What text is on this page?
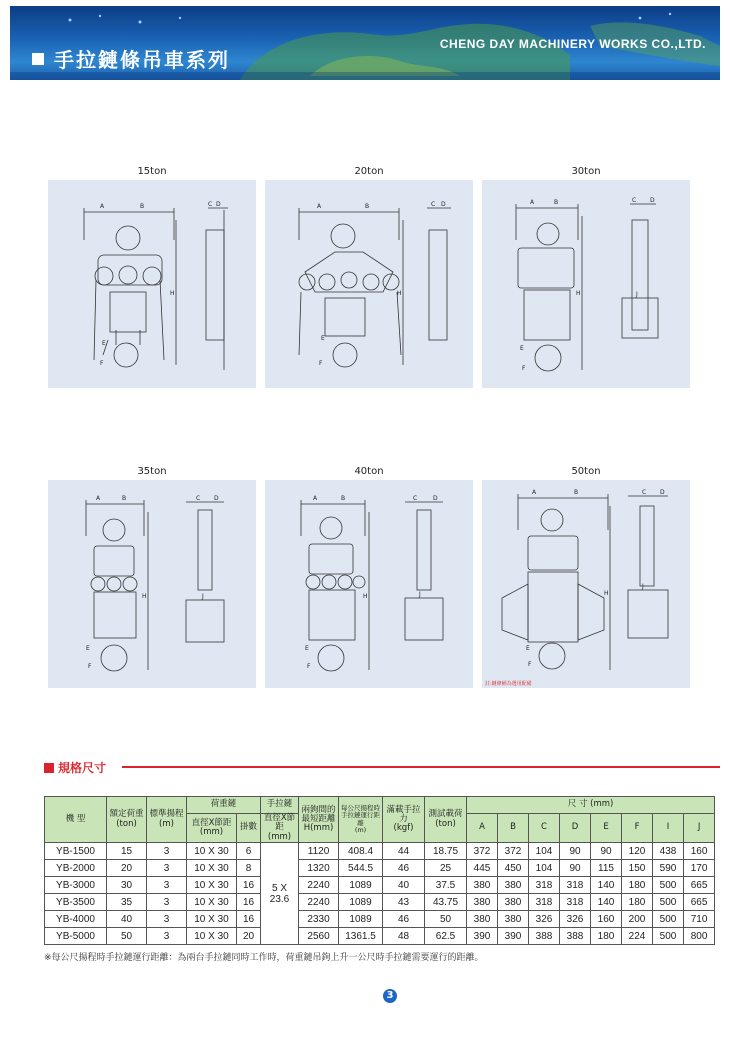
手拉鏈條吊車系列
CHENG DAY MACHINERY WORKS CO.,LTD.
15ton
A	B	C D
H
E
F
20ton
A	B	C D
H
E
F
30ton
A	B	C D
H
E
F
J
35ton
A	B	C D
H
E
F
J
40ton
A	B	C	D
H
E
F
J
50ton
A	B	C D
H
E
F
J
註:鏈條桶為選用配備
規格尺寸
機 型	額定荷重
(ton)	標準揚程
(m)	荷重鏈		手拉鏈	兩鉤間的最短距離
H(mm)	每公尺揚程時手拉鏈運行距離
(m)	滿載手拉力
(kgf)	測試載荷
(ton)	尺 寸 (mm)							
			直徑X節距
(mm)	掛數	直徑X節距
(mm)					A	B	C	D	E	F	I	J
YB-1500	15	3	10 X 30	6	5 X 23.6	1120	408.4	44	18.75	372	372	104	90	90	120	438	160
YB-2000	20	3	10 X 30	8		1320	544.5	46	25	445	450	104	90	115	150	590	170
YB-3000	30	3	10 X 30	16		2240	1089	40	37.5	380	380	318	318	140	180	500	665
YB-3500	35	3	10 X 30	16		2240	1089	43	43.75	380	380	318	318	140	180	500	665
YB-4000	40	3	10 X 30	16		2330	1089	46	50	380	380	326	326	160	200	500	710
YB-5000	50	3	10 X 30	20		2560	1361.5	48	62.5	390	390	388	388	180	224	500	800
※每公尺揚程時手拉鏈運行距離：為兩台手拉鏈同時工作時，荷重鏈吊鉤上升一公尺時手拉鏈需要運行的距離。
3
